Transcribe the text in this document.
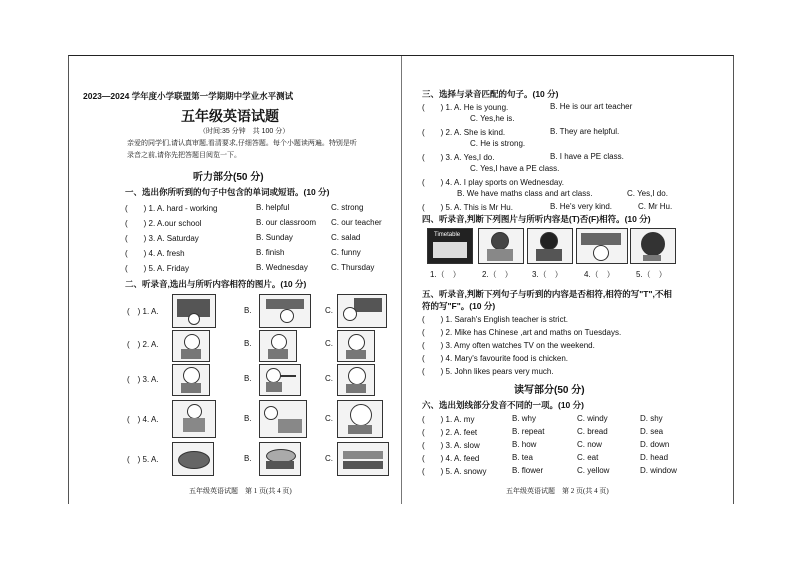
2023—2024 学年度小学联盟第一学期期中学业水平测试
五年级英语试题
（时间:35 分钟　共 100 分）
亲爱的同学们,请认真审题,看清要求,仔细答题。每个小题读两遍。特别是听
录音之前,请你先把答题目阅览一下。
听力部分(50 分)
一、选出你所听到的句子中包含的单词或短语。(10 分)
(　　) 1. A. hard - working	B. helpful	C. strong
(　　) 2. A.our school	B. our classroom C. our teacher
(　　) 3. A. Saturday	B. Sunday	C. salad
(　　) 4. A. fresh	B. finish	C. funny
(　　) 5. A. Friday	B. Wednesday	C. Thursday
二、听录音,选出与所听内容相符的图片。(10 分)
(　) 1. A.	B.	C.
(　) 2. A.	B.	C.
(　) 3. A.	B.	C.
(　) 4. A.	B.	C.
(　) 5. A.	B.	C.
五年级英语试题　第 1 页(共 4 页)
三、选择与录音匹配的句子。(10 分)
(　　) 1. A. He is young.	B. He is our art teacher
C. Yes,he is.
(　　) 2. A. She is kind.	B. They are helpful.
C. He is strong.
(　　) 3. A. Yes,I do.	B. I have a PE class.
C. Yes,I have a PE class.
(　　) 4. A. I play sports on Wednesday.
B. We have maths class and art class.	C. Yes,I do.
(　　) 5. A. This is Mr Hu.	B. He's very kind.	C. Mr Hu.
四、听录音,判断下列图片与所听内容是(T)否(F)相符。(10 分)
Timetable
1.（　）	2.（　） 3.（　）	4.（　）	5.（　）
五、听录音,判断下列句子与听到的内容是否相符,相符的写"T",不相
符的写"F"。(10 分)
(　　) 1. Sarah's English teacher is strict.
(　　) 2. Mike has Chinese ,art and maths on Tuesdays.
(　　) 3. Amy often watches TV on the weekend.
(　　) 4. Mary's favourite food is chicken.
(　　) 5. John likes pears very much.
读写部分(50 分)
六、选出划线部分发音不同的一项。(10 分)
(　　) 1. A. my	B. why	C. windy	D. shy
(　　) 2. A. feet	B. repeat	C. bread	D. sea
(　　) 3. A. slow	B. how	C. now	D. down
(　　) 4. A. feed	B. tea	C. eat	D. head
(　　) 5. A. snowy	B. flower	C. yellow	D. window
五年级英语试题　第 2 页(共 4 页)
